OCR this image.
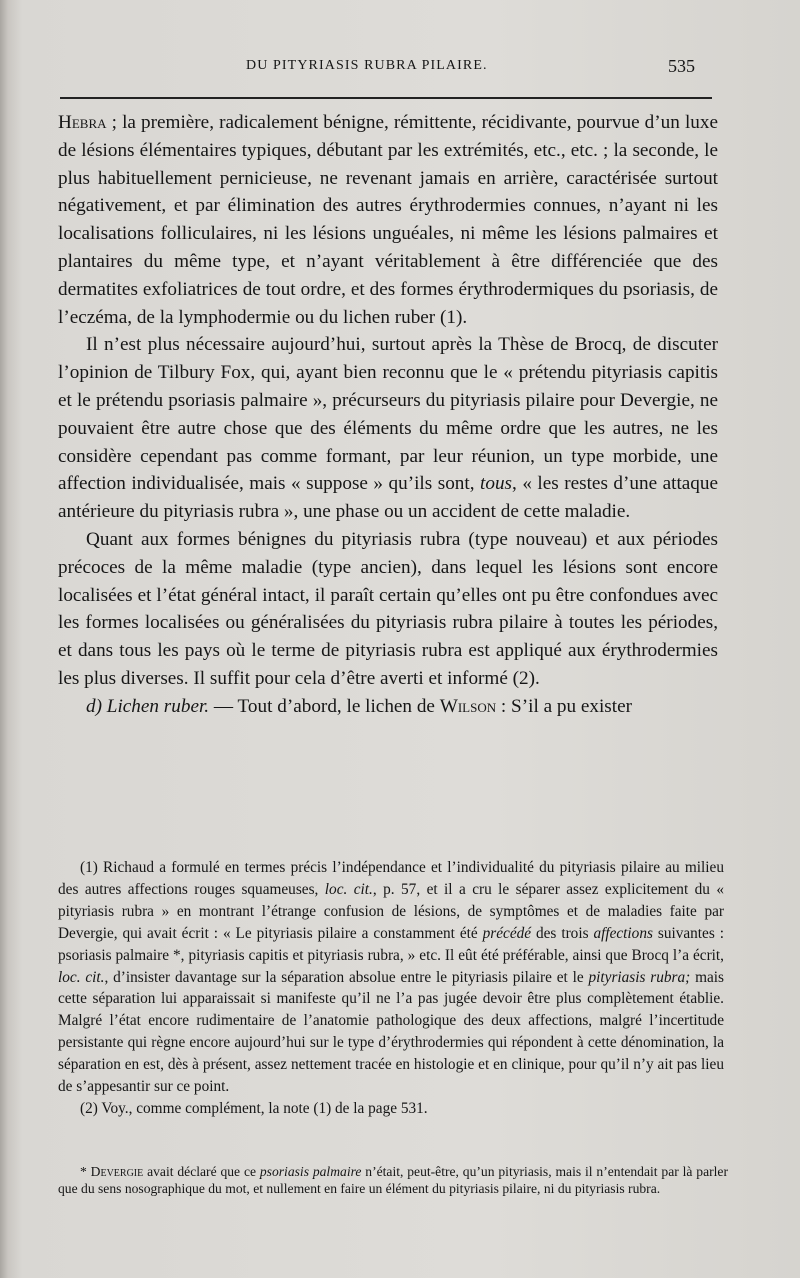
DU PITYRIASIS RUBRA PILAIRE.	535

Hebra ; la première, radicalement bénigne, rémittente, récidivante, pourvue d’un luxe de lésions élémentaires typiques, débutant par les extrémités, etc., etc. ; la seconde, le plus habituellement pernicieuse, ne revenant jamais en arrière, caractérisée surtout négativement, et par élimination des autres érythrodermies connues, n’ayant ni les localisations folliculaires, ni les lésions unguéales, ni même les lésions palmaires et plantaires du même type, et n’ayant véritablement à être différenciée que des dermatites exfoliatrices de tout ordre, et des formes érythrodermiques du psoriasis, de l’eczéma, de la lymphodermie ou du lichen ruber (1).

Il n’est plus nécessaire aujourd’hui, surtout après la Thèse de Brocq, de discuter l’opinion de Tilbury Fox, qui, ayant bien reconnu que le « prétendu pityriasis capitis et le prétendu psoriasis palmaire », précurseurs du pityriasis pilaire pour Devergie, ne pouvaient être autre chose que des éléments du même ordre que les autres, ne les considère cependant pas comme formant, par leur réunion, un type morbide, une affection individualisée, mais « suppose » qu’ils sont, tous, « les restes d’une attaque antérieure du pityriasis rubra », une phase ou un accident de cette maladie.

Quant aux formes bénignes du pityriasis rubra (type nouveau) et aux périodes précoces de la même maladie (type ancien), dans lequel les lésions sont encore localisées et l’état général intact, il paraît certain qu’elles ont pu être confondues avec les formes localisées ou généralisées du pityriasis rubra pilaire à toutes les périodes, et dans tous les pays où le terme de pityriasis rubra est appliqué aux érythrodermies les plus diverses. Il suffit pour cela d’être averti et informé (2).

d) Lichen ruber. — Tout d’abord, le lichen de Wilson : S’il a pu exister

(1) Richaud a formulé en termes précis l’indépendance et l’individualité du pityriasis pilaire au milieu des autres affections rouges squameuses, loc. cit., p. 57, et il a cru le séparer assez explicitement du « pityriasis rubra » en montrant l’étrange confusion de lésions, de symptômes et de maladies faite par Devergie, qui avait écrit : « Le pityriasis pilaire a constamment été précédé des trois affections suivantes : psoriasis palmaire *, pityriasis capitis et pityriasis rubra, » etc. Il eût été préférable, ainsi que Brocq l’a écrit, loc. cit., d’insister davantage sur la séparation absolue entre le pityriasis pilaire et le pityriasis rubra; mais cette séparation lui apparaissait si manifeste qu’il ne l’a pas jugée devoir être plus complètement établie. Malgré l’état encore rudimentaire de l’anatomie pathologique des deux affections, malgré l’incertitude persistante qui règne encore aujourd’hui sur le type d’érythrodermies qui répondent à cette dénomination, la séparation en est, dès à présent, assez nettement tracée en histologie et en clinique, pour qu’il n’y ait pas lieu de s’appesantir sur ce point.

(2) Voy., comme complément, la note (1) de la page 531.

* Devergie avait déclaré que ce psoriasis palmaire n’était, peut-être, qu’un pityriasis, mais il n’entendait par là parler que du sens nosographique du mot, et nullement en faire un élément du pityriasis pilaire, ni du pityriasis rubra.
